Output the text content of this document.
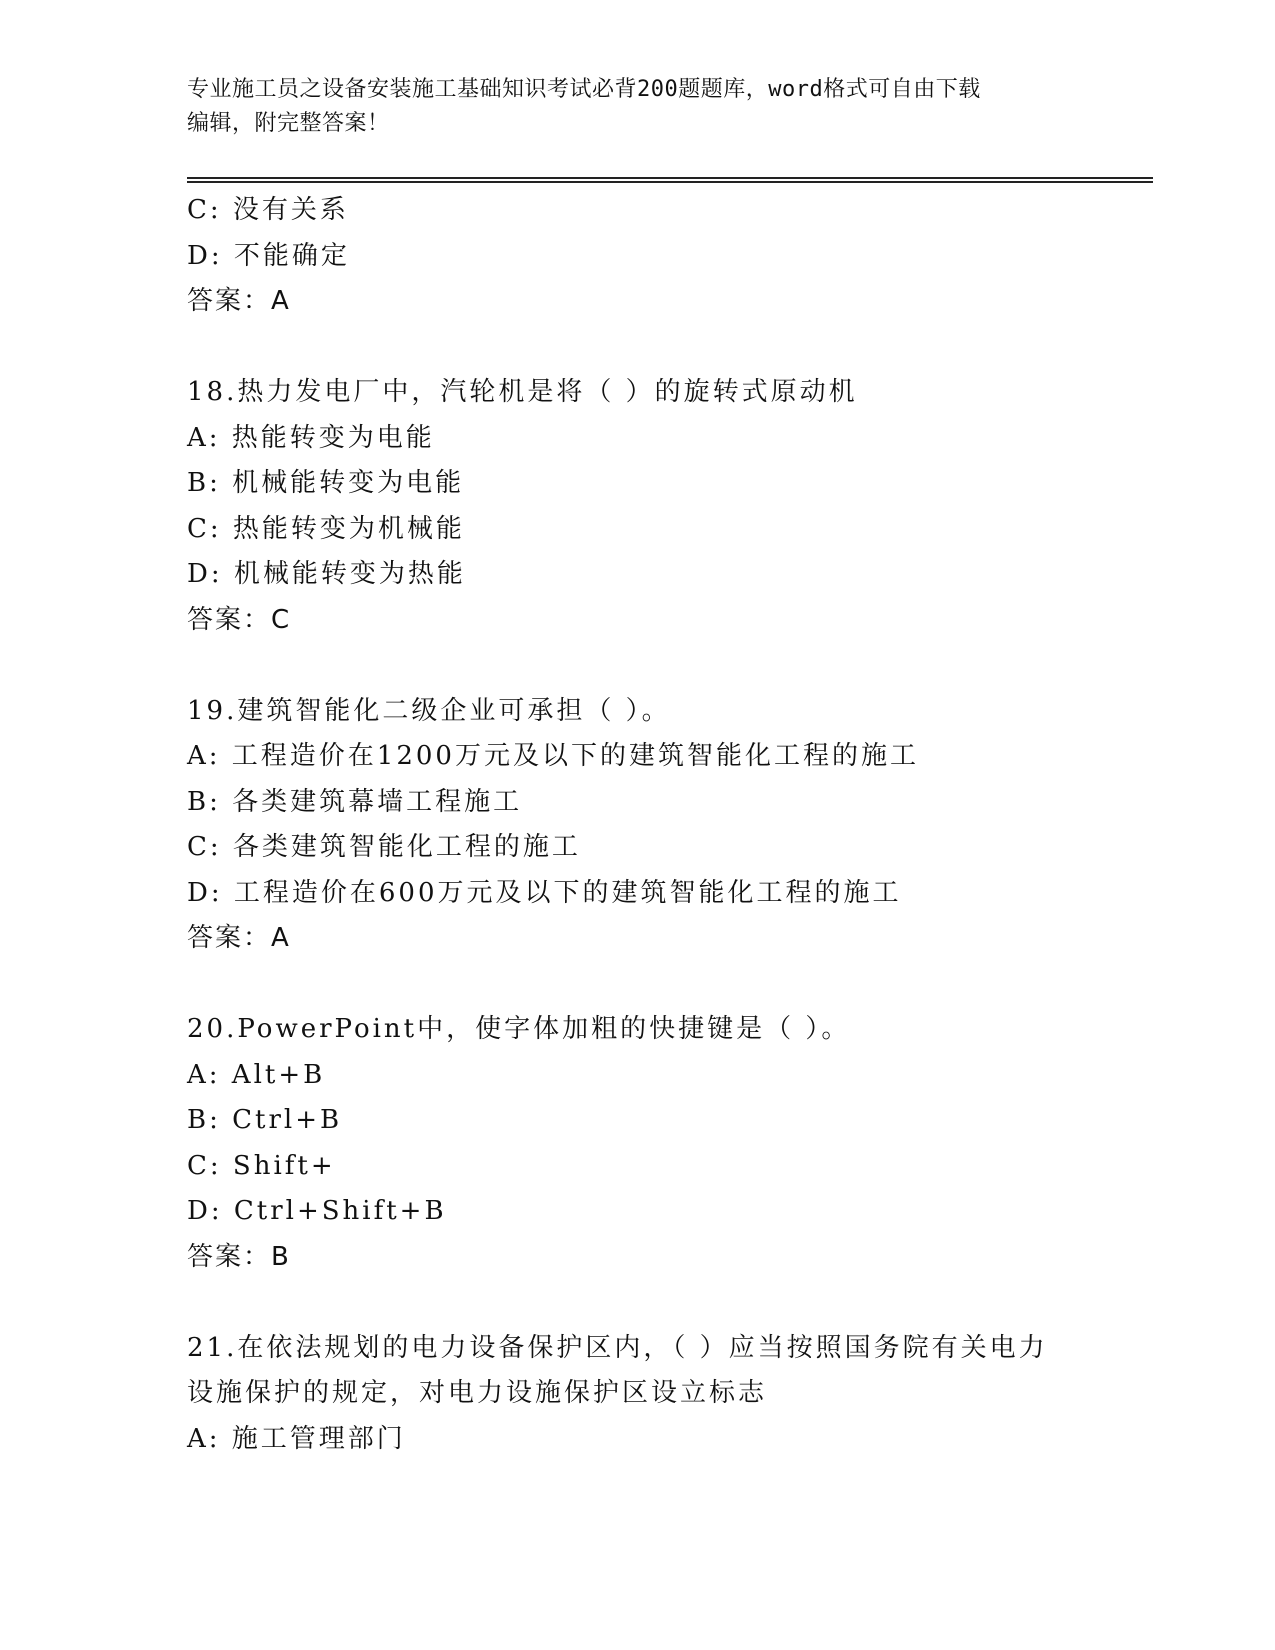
专业施工员之设备安装施工基础知识考试必背200题题库，word格式可自由下载
编辑，附完整答案！
C: 没有关系
D: 不能确定
答案：A
18.热力发电厂中，汽轮机是将（ ）的旋转式原动机
A: 热能转变为电能
B: 机械能转变为电能
C: 热能转变为机械能
D: 机械能转变为热能
答案：C
19.建筑智能化二级企业可承担（ ）。
A: 工程造价在1200万元及以下的建筑智能化工程的施工
B: 各类建筑幕墙工程施工
C: 各类建筑智能化工程的施工
D: 工程造价在600万元及以下的建筑智能化工程的施工
答案：A
20.PowerPoint中，使字体加粗的快捷键是（ ）。
A: Alt+B
B: Ctrl+B
C: Shift+
D: Ctrl+Shift+B
答案：B
21.在依法规划的电力设备保护区内，（ ）应当按照国务院有关电力
设施保护的规定，对电力设施保护区设立标志
A: 施工管理部门
